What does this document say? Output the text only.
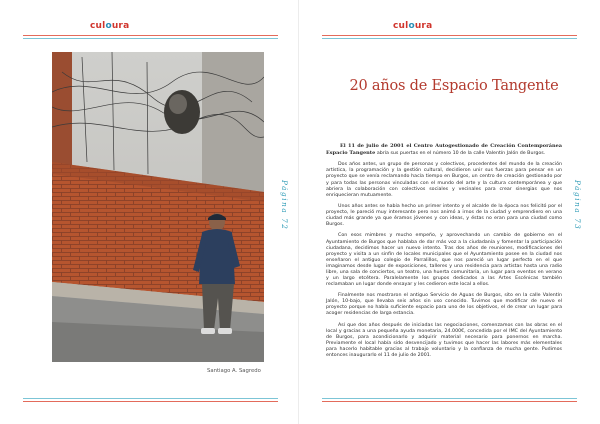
culoura	culoura
Santiago A. Sagredo
Página 72	Página 73
20 años de Espacio Tangente

El 11 de julio de 2001 el Centro Autogestionado de Creación Contemporánea Espacio Tangente abría sus puertas en el número 10 de la calle Valentín Jalón de Burgos.

Dos años antes, un grupo de personas y colectivos, procedentes del mundo de la creación artística, la programación y la gestión cultural, decidieron unir sus fuerzas para pensar en un proyecto que se venía reclamando hacía tiempo en Burgos, un centro de creación gestionado por y para todas las personas vinculadas con el mundo del arte y la cultura contemporánea y que abriera la colaboración con colectivos sociales y vecinales para crear sinergias que nos enriquecieran mutuamente.

Unos años antes se había hecho un primer intento y el alcalde de la época nos felicitó por el proyecto, le pareció muy interesante pero nos animó a irnos de la ciudad y emprendiero en una ciudad más grande ya que éramos jóvenes y con ideas, y éstas no eran para una ciudad como Burgos.

Con esos mimbres y mucho empeño, y aprovechando un cambio de gobierno en el Ayuntamiento de Burgos que hablaba de dar más voz a la ciudadanía y fomentar la participación ciudadana, decidimos hacer un nuevo intento. Tras dos años de reuniones, modificaciones del proyecto y visita a un sinfín de locales municipales que el Ayuntamiento posee en la ciudad nos enseñaron el antiguo colegio de Parralillos, que nos pareció un lugar perfecto en el que imaginamos desde lugar de exposiciones, talleres y una residencia para artistas hasta una radio libre, una sala de conciertos, un teatro, una huerta comunitaria, un lugar para eventos en verano y un largo etcétera. Paralelamente los grupos dedicados a las Artes Escénicas también reclamaban un lugar donde ensayar y les cedieron este local a ellos.

Finalmente nos mostraron el antiguo Servicio de Aguas de Burgos, sito en la calle Valentín Jalón, 10-bajo, que llevaba seis años sin uso conocido. Tuvimos que modificar de nuevo el proyecto porque no había suficiente espacio para uno de los objetivos, el de crear un lugar para acoger residencias de larga estancia.

Así que dos años después de iniciadas las negociaciones, comenzamos con las obras en el local y gracias a una pequeña ayuda monetaria, 24.000€, concedida por el IMC del Ayuntamiento de Burgos, para acondicionarlo y adquirir material necesario para ponernos en marcha. Previamente el local había sido desvencijado y tuvimos que hacer las labores más elementales para hacerlo habitable gracias al trabajo voluntario y la confianza de mucha gente. Pudimos entonces inaugurarlo el 11 de julio de 2001.
